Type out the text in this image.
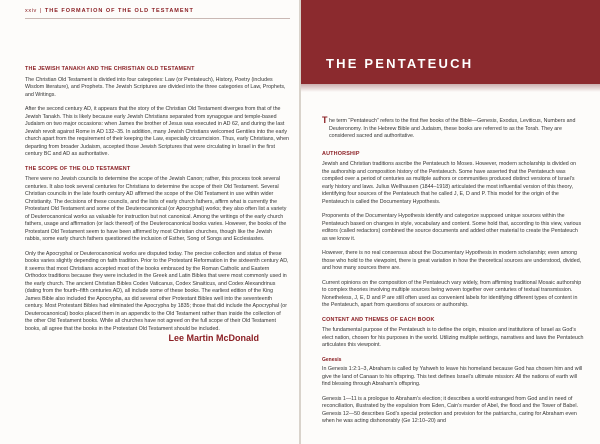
xxiv | THE FORMATION OF THE OLD TESTAMENT
THE JEWISH TANAKH AND THE CHRISTIAN OLD TESTAMENT

The Christian Old Testament is divided into four categories: Law (or Pentateuch), History, Poetry (includes Wisdom literature), and Prophets. The Jewish Scriptures are divided into the three categories of Law, Prophets, and Writings.

After the second century AD, it appears that the story of the Christian Old Testament diverges from that of the Jewish Tanakh. This is likely because early Jewish Christians separated from synagogue and temple-based Judaism on two major occasions: when James the brother of Jesus was executed in AD 62, and during the last Jewish revolt against Rome in AD 132–35. In addition, many Jewish Christians welcomed Gentiles into the early church apart from the requirement of their keeping the Law, especially circumcision. Thus, early Christians, when departing from broader Judaism, accepted those Jewish Scriptures that were circulating in Israel in the first century BC and AD as authoritative.

THE SCOPE OF THE OLD TESTAMENT

There were no Jewish councils to determine the scope of the Jewish Canon; rather, this process took several centuries. It also took several centuries for Christians to determine the scope of their Old Testament. Several Christian councils in the late fourth century AD affirmed the scope of the Old Testament in use within wider Christianity. The decisions of these councils, and the lists of early church fathers, affirm what is currently the Protestant Old Testament and some of the Deuterocanonical (or Apocryphal) works; they also often list a variety of Deuterocanonical works as valuable for instruction but not canonical. Among the writings of the early church fathers, usage and affirmation (or lack thereof) of the Deuterocanonical books varies. However, the books of the Protestant Old Testament seem to have been affirmed by most Christian churches, though like the Jewish rabbis, some early church fathers questioned the inclusion of Esther, Song of Songs and Ecclesiastes.

Only the Apocryphal or Deuterocanonical works are disputed today. The precise collection and status of these books varies slightly depending on faith tradition. Prior to the Protestant Reformation in the sixteenth century AD, it seems that most Christians accepted most of the books embraced by the Roman Catholic and Eastern Orthodox traditions because they were included in the Greek and Latin Bibles that were most commonly used in the early church. The ancient Christian Bibles Codex Vaticanus, Codex Sinaiticus, and Codex Alexandrinus (dating from the fourth–fifth centuries AD), all include some of these books. The earliest edition of the King James Bible also included the Apocrypha, as did several other Protestant Bibles well into the seventeenth century. Most Protestant Bibles had eliminated the Apocrypha by 1835; those that did include the Apocryphal (or Deuterocanonical) books placed them in an appendix to the Old Testament rather than inside the collection of the other Old Testament books. While all churches have not agreed on the full scope of their Old Testament books, all agree that the books in the Protestant Old Testament should be included.

Lee Martin McDonald
THE PENTATEUCH
T he term “Pentateuch” refers to the first five books of the Bible—Genesis, Exodus, Leviticus, Numbers and Deuteronomy. In the Hebrew Bible and Judaism, these books are referred to as the Torah. They are considered sacred and authoritative.
AUTHORSHIP

Jewish and Christian traditions ascribe the Pentateuch to Moses. However, modern scholarship is divided on the authorship and composition history of the Pentateuch. Some have asserted that the Pentateuch was compiled over a period of centuries as multiple authors or communities produced distinct versions of Israel’s early history and laws. Julius Wellhausen (1844–1918) articulated the most influential version of this theory, identifying four sources of the Pentateuch that he called J, E, D and P. This model for the origin of the Pentateuch is called the Documentary Hypothesis.

Proponents of the Documentary Hypothesis identify and categorize supposed unique sources within the Pentateuch based on changes in style, vocabulary and content. Some hold that, according to this view, various editors (called redactors) combined the source documents and added other material to create the Pentateuch as we know it.

However, there is no real consensus about the Documentary Hypothesis in modern scholarship; even among those who hold to the viewpoint, there is great variation in how the theoretical sources are understood, divided, and how many sources there are.

Current opinions on the composition of the Pentateuch vary widely, from affirming traditional Mosaic authorship to complex theories involving multiple sources being woven together over centuries of textual transmission. Nonetheless, J, E, D and P are still often used as convenient labels for identifying different types of content in the Pentateuch, apart from questions of sources or authorship.

CONTENT AND THEMES OF EACH BOOK

The fundamental purpose of the Pentateuch is to define the origin, mission and institutions of Israel as God’s elect nation, chosen for his purposes in the world. Utilizing multiple settings, narratives and laws the Pentateuch articulates this viewpoint.

Genesis

In Genesis 1:2:1–3, Abraham is called by Yahweh to leave his homeland because God has chosen him and will give the land of Canaan to his offspring. This text defines Israel’s ultimate mission: All the nations of earth will find blessing through Abraham’s offspring.

Genesis 1—11 is a prologue to Abraham’s election; it describes a world estranged from God and in need of reconciliation, illustrated by the expulsion from Eden, Cain’s murder of Abel, the flood and the Tower of Babel. Genesis 12—50 describes God’s special protection and provision for the patriarchs, caring for Abraham even when he was acting dishonorably (Ge 12:10–20) and
